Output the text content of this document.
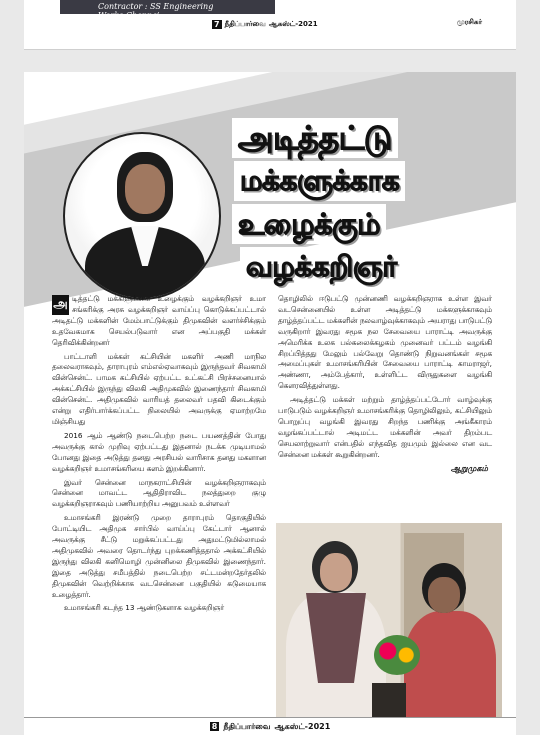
Contractor : SS Engineering Works,Chennai
7 நீதிப்பார்வை ஆகஸ்ட்-2021	முரசிகர்
அடித்தட்டு
மக்களுக்காக
உழைக்கும்
வழக்கறிஞர்

அ டித்தட்டு மக்களுக்காக உழைக்கும் வழக்கறிஞர் உமா சங்கரிக்கு அரசு வழக்கறிஞர் வாய்ப்பு கொடுக்கப்பட்டால் அடிதட்டு மக்களின் மேம்பாட்டுக்கும் திமுகவின் வளர்ச்சிக்கும் உதவேகமாக செயல்படுவார் என அப்பகுதி மக்கள் தெரிவிக்கின்றனர்

பாட்டாளி மக்கள் கட்சியின் மகளிர் அணி மாநில தலைவராகவும், தாராபுரம் எம்எல்ஏவாகவும் இருந்தவர் சிவகாமி வின்சென்ட். பாமக கட்சியில் ஏற்பட்ட உட்கட்சி பிரச்சனையால் அக்கட்சியில் இருந்து விலகி அதிமுகவில் இணைந்தார் சிவகாமி வின்சென்ட். அதிமுகவில் வாரியத் தலைவர் பதவி கிடைக்கும் என்று எதிர்பார்க்கப்பட்ட நிலையில் அவருக்கு ஏமாற்றமே மிஞ்சியது

2016 ஆம் ஆண்டு நடைபெற்ற நடை பயணத்தின் போது அவருக்கு கால் முறிவு ஏற்பட்டது இதனால் நடக்க முடியாமல் போனது இதை அடுத்து தனது அரசியல் வாரிசாக தனது மகளான வழக்கறிஞர் உமாசங்கரியை களம் இறக்கினார்.

இவர் சென்னை மாநகராட்சியின் வழக்கறிஞராகவும் சென்னை மாவட்ட ஆதிதிராவிட நலத்துறை குழு வழக்கறிஞராகவும் பணியாற்றிய அனுபவம் உள்ளவர்

உமாசங்கரி இரண்டு முறை தாராபுரம் தொகுதியில் போட்டியிட அதிமுக சார்பில் வாய்ப்பு கேட்டார் ஆனால் அவருக்கு சீட்டு மறுக்கப்பட்டது அதுமட்டுமில்லாமல் அதிமுகவில் அவரை தொடர்ந்து புறக்கணித்ததால் அக்கட்சியில் இருந்து விலகி கனிமொழி முன்னிலை திமுகவில் இணைந்தார். இதை அடுத்து சமீபத்தில் நடைபெற்ற சட்டமன்றதேர்தலில் திமுகவின் வெற்றிக்காக வடசென்னை பகுதியில் கடுமையாக உழைத்தார்.

உமாசங்கரி கடந்த 13 ஆண்டுகளாக வழக்கறிஞர்

தொழிலில் ஈடுபட்டு முன்னணி வழக்கறிஞராக உள்ள இவர் வடசென்னையில் உள்ள அடித்தட்டு மக்களுக்காகவும் தாழ்த்தப்பட்ட மக்களின் நலவாழ்வுக்காகவும் அயராது பாடுபட்டு வருகிறார் இவரது சமூக நல சேவையை பாராட்டி அவருக்கு அமெரிக்க உலக பல்கலைக்கழகம் முனைவர் பட்டம் வழங்கி சிறப்பித்தது மேலும் பல்வேறு தொண்டு நிறுவனங்கள் சமூக அமைப்புகள் உமாசங்கரியின் சேவையை பாராட்டி காமராஜர், அண்ணா, அம்பேத்கார், உள்ளிட்ட விருதுகளை வழங்கி கௌரவித்துள்ளது.

அடித்தட்டு மக்கள் மற்றும் தாழ்த்தப்பட்டோர் வாழ்வுக்கு பாடுபடும் வழக்கறிஞர் உமாசங்கரிக்கு தொழிலிலும், கட்சியிலும் பொறுப்பு வழங்கி இவரது சிறந்த பணிக்கு அங்கீகாரம் வழங்கப்பட்டால் அடிமட்ட மக்களின் அவர் திறம்பட செயலாற்றுவார் என்பதில் எந்தவித ஐயமும் இல்லை என வட சென்னை மக்கள் கூறுகின்றனர்.

ஆறுமுகம்
8 நீதிப்பார்வை ஆகஸ்ட்-2021
